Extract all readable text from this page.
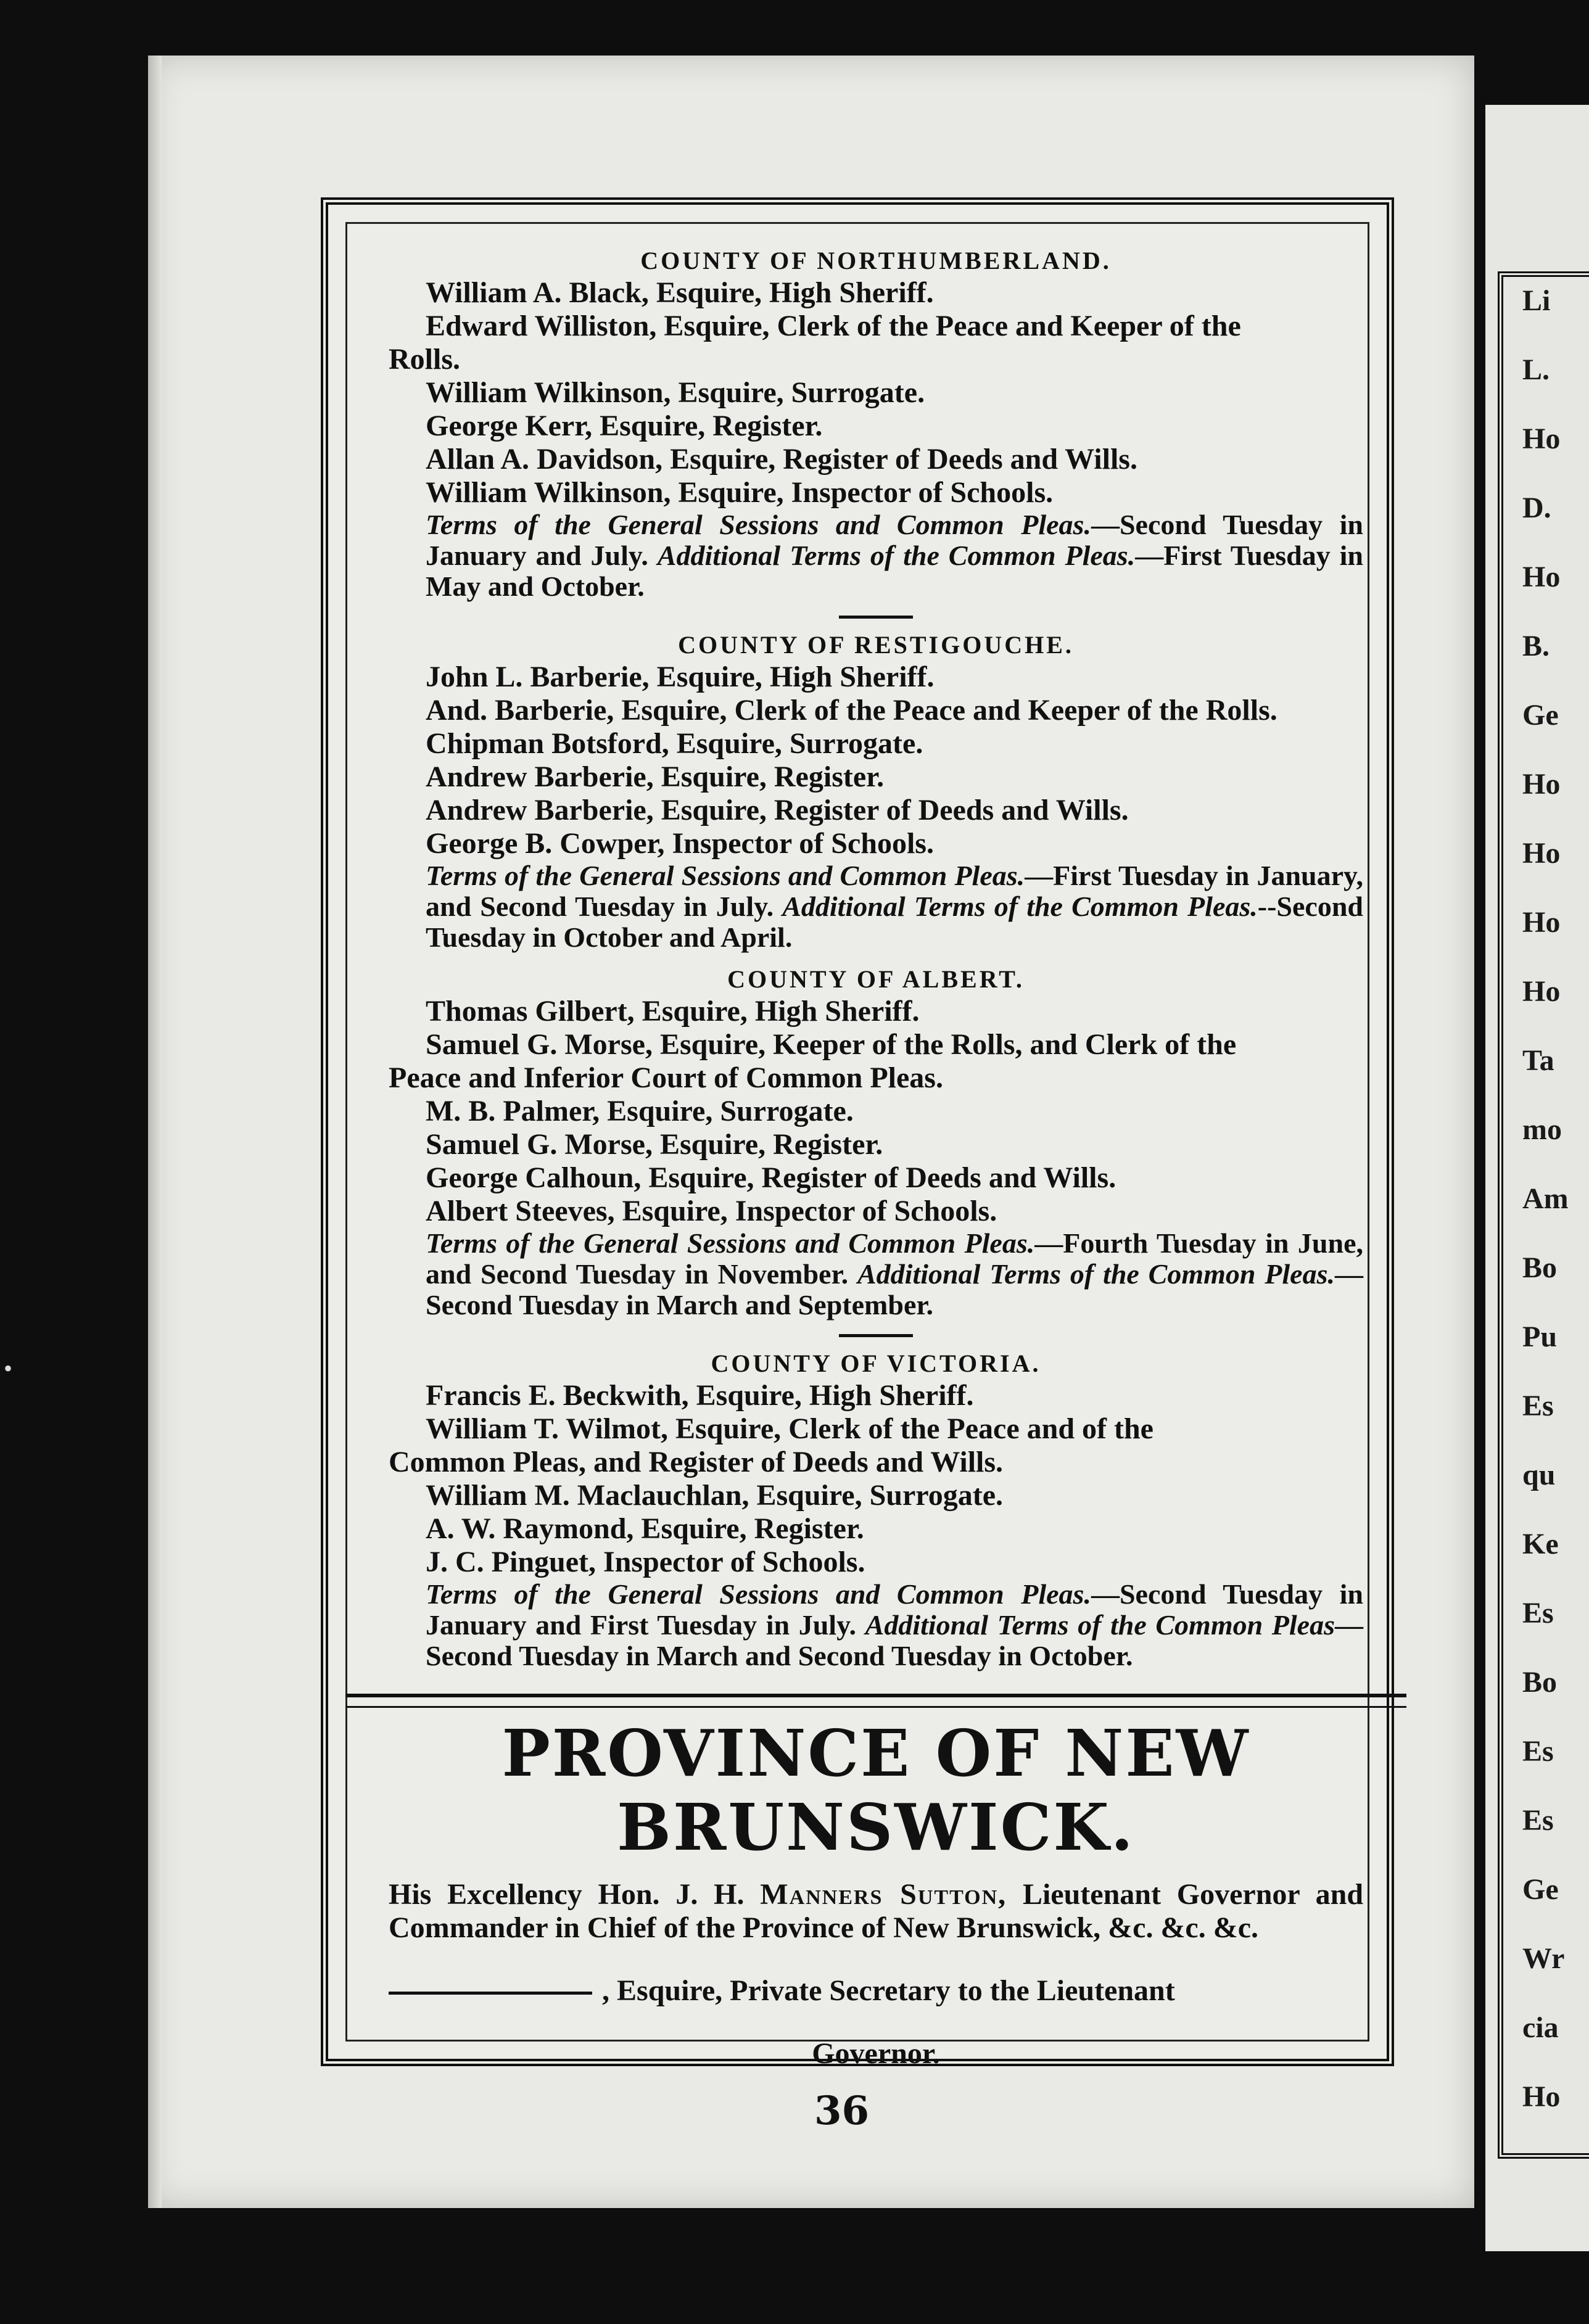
•
Li
L.
Ho
D.
Ho
B.
Ge
Ho
Ho
Ho
Ho
Ta
mo
Am
Bo
Pu
Es
qu
Ke
Es
Bo
Es
Es
Ge
Wr
cia
Ho
COUNTY OF NORTHUMBERLAND.

William A. Black, Esquire, High Sheriff.

Edward Williston, Esquire, Clerk of the Peace and Keeper of the

Rolls.

William Wilkinson, Esquire, Surrogate.

George Kerr, Esquire, Register.

Allan A. Davidson, Esquire, Register of Deeds and Wills.

William Wilkinson, Esquire, Inspector of Schools.

Terms of the General Sessions and Common Pleas.—Second Tuesday in January and July. Additional Terms of the Common Pleas.—First Tuesday in May and October.

COUNTY OF RESTIGOUCHE.

John L. Barberie, Esquire, High Sheriff.

And. Barberie, Esquire, Clerk of the Peace and Keeper of the Rolls.

Chipman Botsford, Esquire, Surrogate.

Andrew Barberie, Esquire, Register.

Andrew Barberie, Esquire, Register of Deeds and Wills.

George B. Cowper, Inspector of Schools.

Terms of the General Sessions and Common Pleas.—First Tuesday in January, and Second Tuesday in July. Additional Terms of the Common Pleas.--Second Tuesday in October and April.

COUNTY OF ALBERT.

Thomas Gilbert, Esquire, High Sheriff.

Samuel G. Morse, Esquire, Keeper of the Rolls, and Clerk of the

Peace and Inferior Court of Common Pleas.

M. B. Palmer, Esquire, Surrogate.

Samuel G. Morse, Esquire, Register.

George Calhoun, Esquire, Register of Deeds and Wills.

Albert Steeves, Esquire, Inspector of Schools.

Terms of the General Sessions and Common Pleas.—Fourth Tuesday in June, and Second Tuesday in November. Additional Terms of the Common Pleas.—Second Tuesday in March and September.

COUNTY OF VICTORIA.

Francis E. Beckwith, Esquire, High Sheriff.

William T. Wilmot, Esquire, Clerk of the Peace and of the

Common Pleas, and Register of Deeds and Wills.

William M. Maclauchlan, Esquire, Surrogate.

A. W. Raymond, Esquire, Register.

J. C. Pinguet, Inspector of Schools.

Terms of the General Sessions and Common Pleas.—Second Tuesday in January and First Tuesday in July. Additional Terms of the Common Pleas—Second Tuesday in March and Second Tuesday in October.

PROVINCE OF NEW BRUNSWICK.

His Excellency Hon. J. H. Manners Sutton, Lieutenant Governor and Commander in Chief of the Province of New Brunswick, &c. &c. &c.

, Esquire, Private Secretary to the Lieutenant

Governor.

36
